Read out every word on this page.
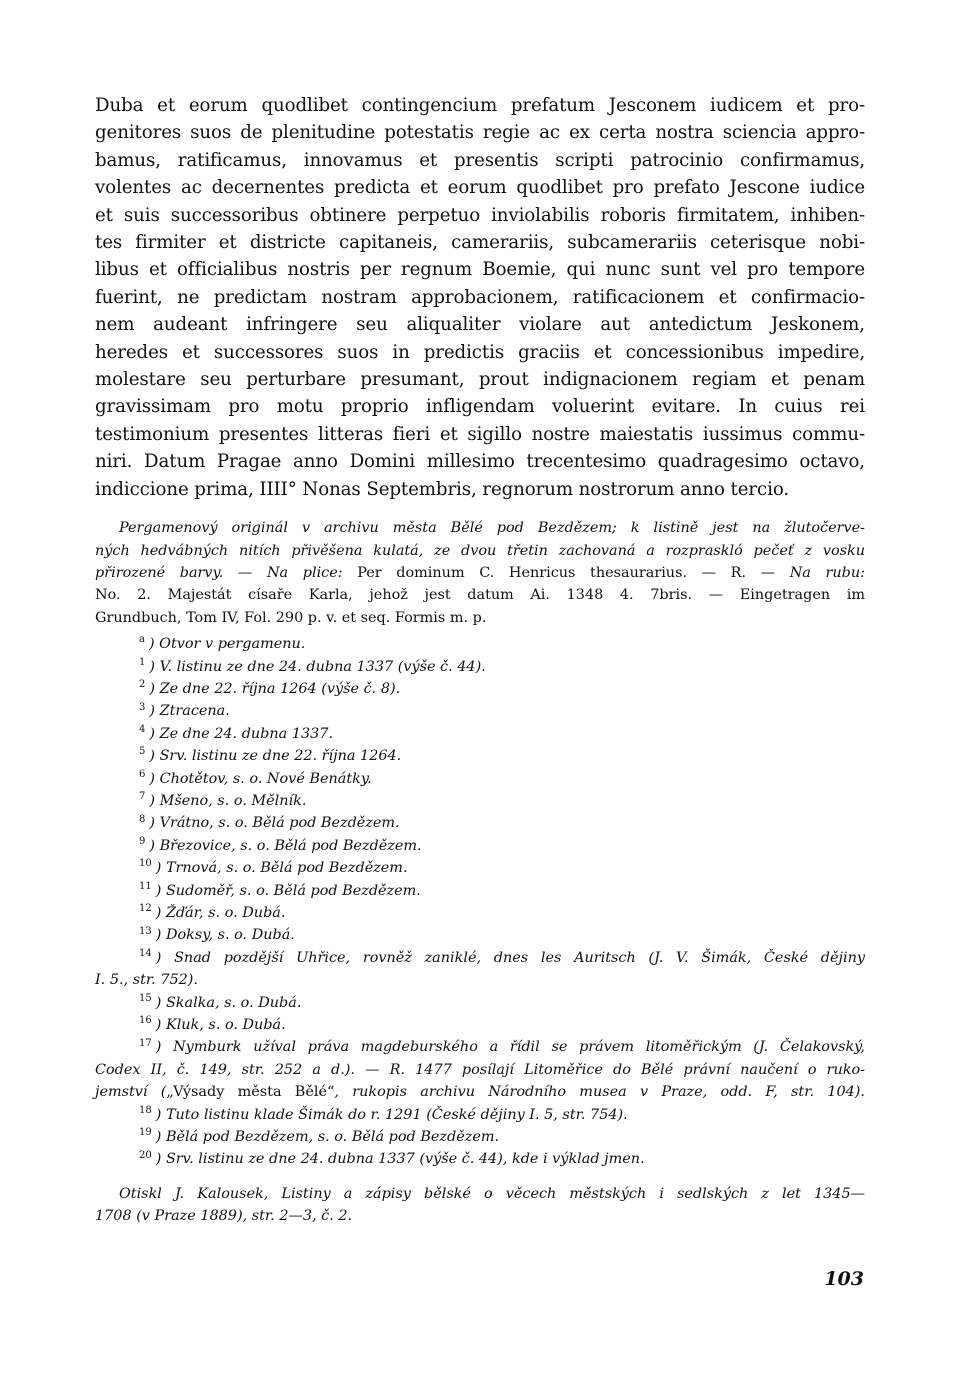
Duba et eorum quodlibet contingencium prefatum Jesconem iudicem et pro-
genitores suos de plenitudine potestatis regie ac ex certa nostra sciencia appro-
bamus, ratificamus, innovamus et presentis scripti patrocinio confirmamus,
volentes ac decernentes predicta et eorum quodlibet pro prefato Jescone iudice
et suis successoribus obtinere perpetuo inviolabilis roboris firmitatem, inhiben-
tes firmiter et districte capitaneis, camerariis, subcamerariis ceterisque nobi-
libus et officialibus nostris per regnum Boemie, qui nunc sunt vel pro tempore
fuerint, ne predictam nostram approbacionem, ratificacionem et confirmacio-
nem audeant infringere seu aliqualiter violare aut antedictum Jeskonem,
heredes et successores suos in predictis graciis et concessionibus impedire,
molestare seu perturbare presumant, prout indignacionem regiam et penam
gravissimam pro motu proprio infligendam voluerint evitare. In cuius rei
testimonium presentes litteras fieri et sigillo nostre maiestatis iussimus commu-
niri. Datum Pragae anno Domini millesimo trecentesimo quadragesimo octavo,
indiccione prima, IIII° Nonas Septembris, regnorum nostrorum anno tercio.
Pergamenový originál v archivu města Bělé pod Bezdězem; k listině jest na žlutočerve-
ných hedvábných nitích přivěšena kulatá, ze dvou třetin zachovaná a rozpraskló pečeť z vosku
přirozené barvy. — Na plice: Per dominum C. Henricus thesaurarius. — R. — Na rubu:
No. 2. Majestát císaře Karla, jehož jest datum Ai. 1348 4. 7bris. — Eingetragen im
Grundbuch, Tom IV, Fol. 290 p. v. et seq. Formis m. p.
$^a$ ) Otvor v pergamenu.
$^1$ ) V. listinu ze dne 24. dubna 1337 (výše č. 44).
$^2$ ) Ze dne 22. října 1264 (výše č. 8).
$^3$ ) Ztracena.
$^4$ ) Ze dne 24. dubna 1337.
$^5$ ) Srv. listinu ze dne 22. října 1264.
$^6$ ) Chotětov, s. o. Nové Benátky.
$^7$ ) Mšeno, s. o. Mělník.
$^8$ ) Vrátno, s. o. Bělá pod Bezdězem.
$^9$ ) Březovice, s. o. Bělá pod Bezdězem.
$^{10}$ ) Trnová, s. o. Bělá pod Bezdězem.
$^{11}$ ) Sudoměř, s. o. Bělá pod Bezdězem.
$^{12}$ ) Žďár, s. o. Dubá.
$^{13}$ ) Doksy, s. o. Dubá.
$^{14}$ ) Snad pozdější Uhřice, rovněž zaniklé, dnes les Auritsch (J. V. Šimák, České dějiny
I. 5., str. 752).
$^{15}$ ) Skalka, s. o. Dubá.
$^{16}$ ) Kluk, s. o. Dubá.
$^{17}$ ) Nymburk užíval práva magdeburského a řídil se právem litoměřickým (J. Čelakovský,
Codex II, č. 149, str. 252 a d.). — R. 1477 posílají Litoměřice do Bělé právní naučení o ruko-
jemství („Výsady města Bělé“, rukopis archivu Národního musea v Praze, odd. F, str. 104).
$^{18}$ ) Tuto listinu klade Šimák do r. 1291 (České dějiny I. 5, str. 754).
$^{19}$ ) Bělá pod Bezdězem, s. o. Bělá pod Bezdězem.
$^{20}$ ) Srv. listinu ze dne 24. dubna 1337 (výše č. 44), kde i výklad jmen.
Otiskl J. Kalousek, Listiny a zápisy bělské o věcech městských i sedlských z let 1345—
1708 (v Praze 1889), str. 2—3, č. 2.
103
